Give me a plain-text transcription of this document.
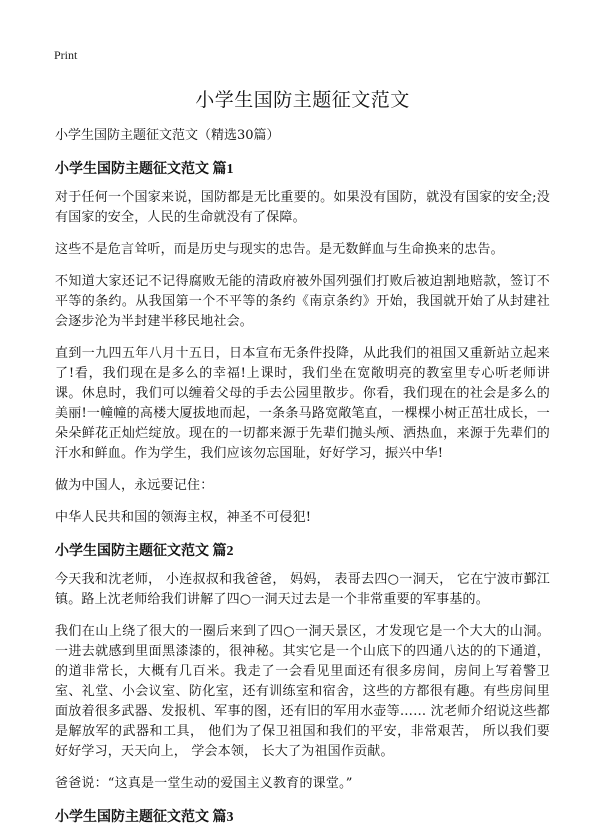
Print
小学生国防主题征文范文

小学生国防主题征文范文（精选30篇）

小学生国防主题征文范文 篇1

对于任何一个国家来说，国防都是无比重要的。如果没有国防，就没有国家的安全;没有国家的安全，人民的生命就没有了保障。

这些不是危言耸听，而是历史与现实的忠告。是无数鲜血与生命换来的忠告。

不知道大家还记不记得腐败无能的清政府被外国列强们打败后被迫割地赔款，签订不平等的条约。从我国第一个不平等的条约《南京条约》开始，我国就开始了从封建社会逐步沦为半封建半移民地社会。

直到一九四五年八月十五日，日本宣布无条件投降，从此我们的祖国又重新站立起来了!看，我们现在是多么的幸福!上课时，我们坐在宽敞明亮的教室里专心听老师讲课。休息时，我们可以缠着父母的手去公园里散步。你看，我们现在的社会是多么的美丽!一幢幢的高楼大厦拔地而起，一条条马路宽敞笔直，一棵棵小树正茁壮成长，一朵朵鲜花正灿烂绽放。现在的一切都来源于先辈们抛头颅、洒热血，来源于先辈们的汗水和鲜血。作为学生，我们应该勿忘国耻，好好学习，振兴中华!

做为中国人，永远要记住：

中华人民共和国的领海主权，神圣不可侵犯!

小学生国防主题征文范文 篇2

今天我和沈老师， 小连叔叔和我爸爸， 妈妈， 表哥去四○一洞天， 它在宁波市鄞江镇。路上沈老师给我们讲解了四○一洞天过去是一个非常重要的军事基的。

我们在山上绕了很大的一圈后来到了四○一洞天景区，才发现它是一个大大的山洞。一进去就感到里面黑漆漆的，很神秘。其实它是一个山底下的四通八达的的下通道，的道非常长，大概有几百米。我走了一会看见里面还有很多房间，房间上写着警卫室、礼堂、小会议室、防化室，还有训练室和宿舍，这些的方都很有趣。有些房间里面放着很多武器、发报机、军事的图，还有旧的军用水壶等…… 沈老师介绍说这些都是解放军的武器和工具， 他们为了保卫祖国和我们的平安，非常艰苦， 所以我们要好好学习，天天向上， 学会本领， 长大了为祖国作贡献。

爸爸说：“这真是一堂生动的爱国主义教育的课堂。”

小学生国防主题征文范文 篇3
